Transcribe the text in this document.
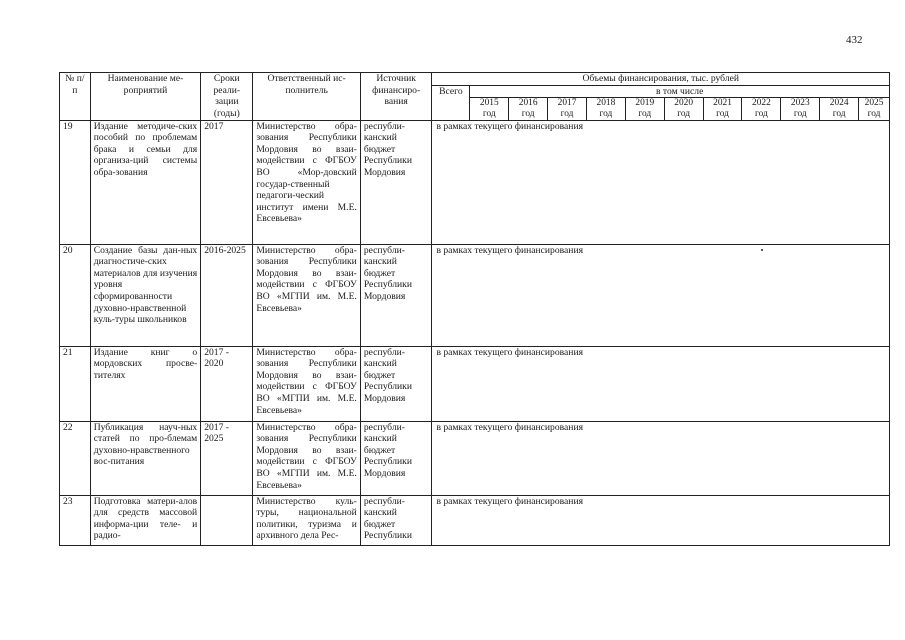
432
№ п/п	Наименование ме-роприятий	Сроки реали-зации (годы)	Ответственный ис-полнитель	Источник финансиро-вания	Объемы финансирования, тыс. рублей											
					Всего	в том числе										
						2015	2016	2017	2018	2019	2020	2021	2022	2023	2024	2025
						год	год	год	год	год	год	год	год	год	год	год
19	Издание методиче-ских пособий по проблемам брака и семьи для организа-ций системы обра-зования	2017	Министерство обра-зования Республики Мордовия во взаи-модействии с ФГБОУ ВО «Мор-довский государ-ственный педагоги-ческий институт имени М.Е. Евсевьева»	республи-канский бюджет Республики Мордовия	в рамках текущего финансирования											
20	Создание базы дан-ных диагностиче-ских материалов для изучения уровня сформированности духовно-нравственной куль-туры школьников	2016-2025	Министерство обра-зования Республики Мордовия во взаи-модействии с ФГБОУ ВО «МГПИ им. М.Е. Евсевьева»	республи-канский бюджет Республики Мордовия	в рамках текущего финансирования											
21	Издание книг о мордовских просве-тителях	2017 - 2020	Министерство обра-зования Республики Мордовия во взаи-модействии с ФГБОУ ВО «МГПИ им. М.Е. Евсевьева»	республи-канский бюджет Республики Мордовия	в рамках текущего финансирования											
22	Публикация науч-ных статей по про-блемам духовно-нравственного вос-питания	2017 - 2025	Министерство обра-зования Республики Мордовия во взаи-модействии с ФГБОУ ВО «МГПИ им. М.Е. Евсевьева»	республи-канский бюджет Республики Мордовия	в рамках текущего финансирования											
23	Подготовка матери-алов для средств массовой информа-ции теле- и радио-		Министерство куль-туры, национальной политики, туризма и архивного дела Рес-	республи-канский бюджет Республики	в рамках текущего финансирования											
